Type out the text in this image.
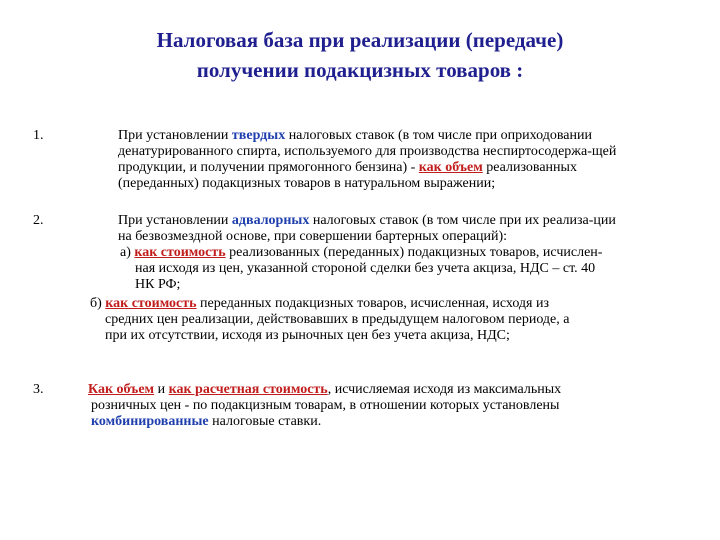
Налоговая база при реализации (передаче)
получении подакцизных товаров :
1.	При установлении твердых налоговых ставок (в том числе при оприходовании
денатурированного спирта, используемого для производства неспиртосодержа-щей
продукции, и получении прямогонного бензина) - как объем реализованных
(переданных) подакцизных товаров в натуральном выражении;
2.	При установлении адвалорных налоговых ставок (в том числе при их реализа-ции
на безвозмездной основе, при совершении бартерных операций):
а) как стоимость реализованных (переданных) подакцизных товаров, исчислен-
ная исходя из цен, указанной стороной сделки без учета акциза, НДС – ст. 40
НК РФ;
б) как стоимость переданных подакцизных товаров, исчисленная, исходя из
средних цен реализации, действовавших в предыдущем налоговом периоде, а
при их отсутствии, исходя из рыночных цен без учета акциза, НДС;
3.	Как объем и как расчетная стоимость, исчисляемая исходя из максимальных
розничных цен - по подакцизным товарам, в отношении которых установлены
комбинированные налоговые ставки.
